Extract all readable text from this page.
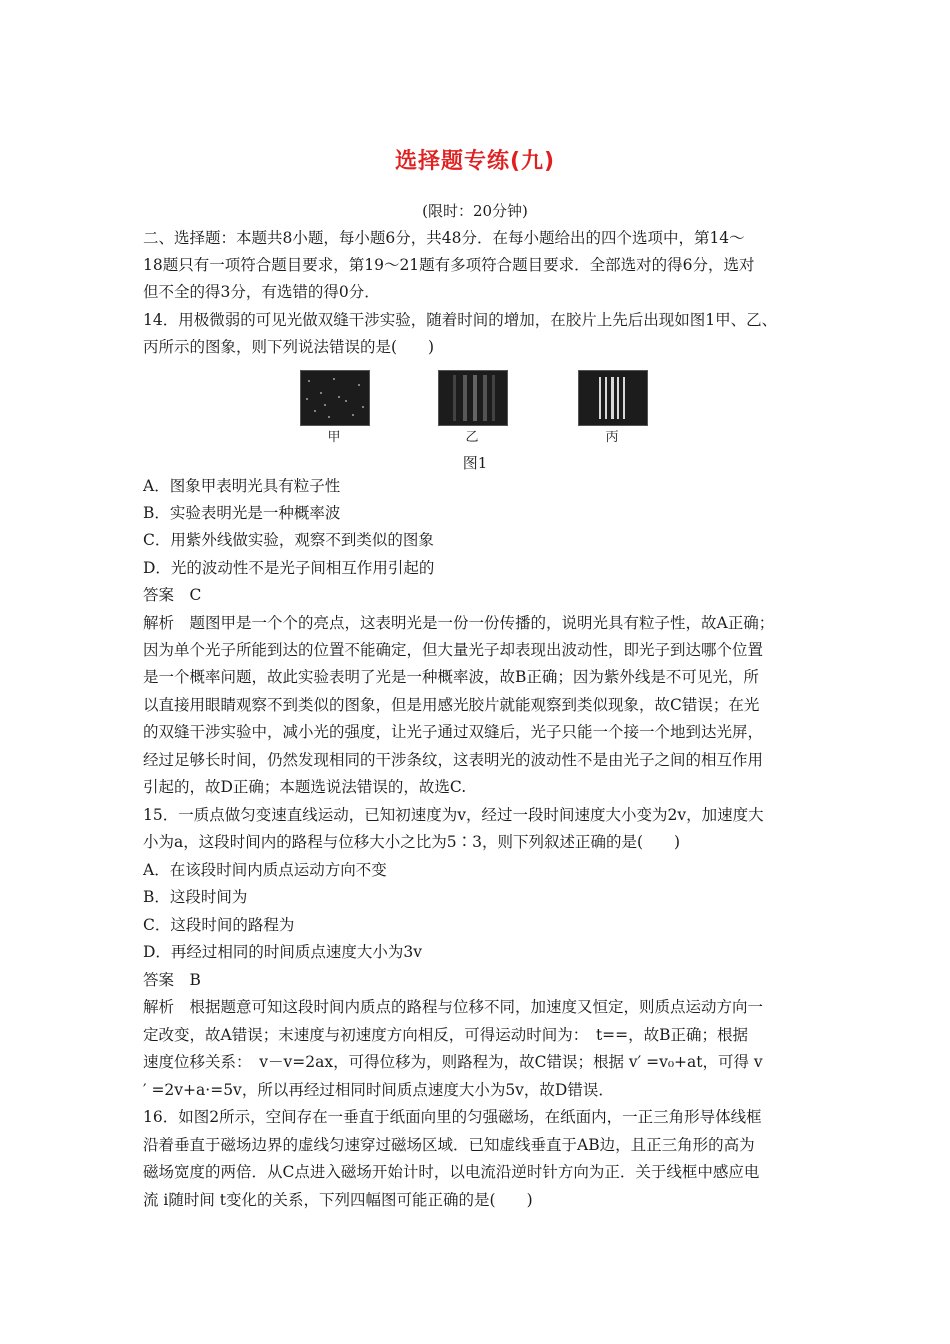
选择题专练(九)
(限时：20分钟)
二、选择题：本题共8小题，每小题6分，共48分．在每小题给出的四个选项中，第14～
18题只有一项符合题目要求，第19～21题有多项符合题目要求．全部选对的得6分，选对
但不全的得3分，有选错的得0分．
14．用极微弱的可见光做双缝干涉实验，随着时间的增加，在胶片上先后出现如图1甲、乙、
丙所示的图象，则下列说法错误的是(　　)
甲	乙	丙
图1
A．图象甲表明光具有粒子性
B．实验表明光是一种概率波
C．用紫外线做实验，观察不到类似的图象
D．光的波动性不是光子间相互作用引起的
答案　C
解析　题图甲是一个个的亮点，这表明光是一份一份传播的，说明光具有粒子性，故A正确；
因为单个光子所能到达的位置不能确定，但大量光子却表现出波动性，即光子到达哪个位置
是一个概率问题，故此实验表明了光是一种概率波，故B正确；因为紫外线是不可见光，所
以直接用眼睛观察不到类似的图象，但是用感光胶片就能观察到类似现象，故C错误；在光
的双缝干涉实验中，减小光的强度，让光子通过双缝后，光子只能一个接一个地到达光屏，
经过足够长时间，仍然发现相同的干涉条纹，这表明光的波动性不是由光子之间的相互作用
引起的，故D正确；本题选说法错误的，故选C.
15．一质点做匀变速直线运动，已知初速度为v，经过一段时间速度大小变为2v，加速度大
小为a，这段时间内的路程与位移大小之比为5∶3，则下列叙述正确的是(　　)
A．在该段时间内质点运动方向不变
B．这段时间为
C．这段时间的路程为
D．再经过相同的时间质点速度大小为3v
答案　B
解析　根据题意可知这段时间内质点的路程与位移不同，加速度又恒定，则质点运动方向一
定改变，故A错误；末速度与初速度方向相反，可得运动时间为：　t==，故B正确；根据
速度位移关系：　v－v=2ax，可得位移为，则路程为，故C错误；根据 v′ =v₀+at，可得 v
′ =2v+a·=5v，所以再经过相同时间质点速度大小为5v，故D错误．
16．如图2所示，空间存在一垂直于纸面向里的匀强磁场，在纸面内，一正三角形导体线框
沿着垂直于磁场边界的虚线匀速穿过磁场区域．已知虚线垂直于AB边，且正三角形的高为
磁场宽度的两倍．从C点进入磁场开始计时，以电流沿逆时针方向为正．关于线框中感应电
流 i随时间 t变化的关系，下列四幅图可能正确的是(　　)
